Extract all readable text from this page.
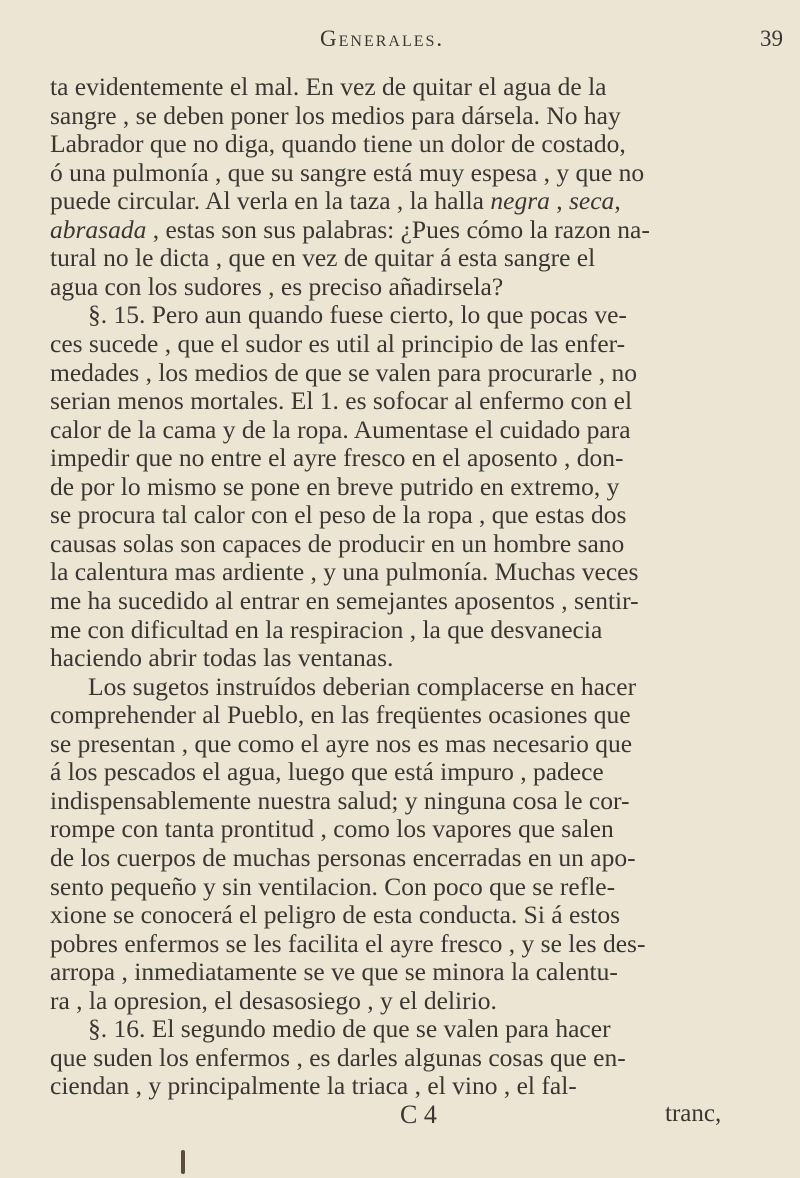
Generales.	39
ta evidentemente el mal. En vez de quitar el agua de la
sangre , se deben poner los medios para dársela. No hay
Labrador que no diga, quando tiene un dolor de costado,
ó una pulmonía , que su sangre está muy espesa , y que no
puede circular. Al verla en la taza , la halla negra , seca,
abrasada , estas son sus palabras: ¿Pues cómo la razon na-
tural no le dicta , que en vez de quitar á esta sangre el
agua con los sudores , es preciso añadirsela?
§. 15. Pero aun quando fuese cierto, lo que pocas ve-
ces sucede , que el sudor es util al principio de las enfer-
medades , los medios de que se valen para procurarle , no
serian menos mortales. El 1. es sofocar al enfermo con el
calor de la cama y de la ropa. Aumentase el cuidado para
impedir que no entre el ayre fresco en el aposento , don-
de por lo mismo se pone en breve putrido en extremo, y
se procura tal calor con el peso de la ropa , que estas dos
causas solas son capaces de producir en un hombre sano
la calentura mas ardiente , y una pulmonía. Muchas veces
me ha sucedido al entrar en semejantes aposentos , sentir-
me con dificultad en la respiracion , la que desvanecia
haciendo abrir todas las ventanas.
Los sugetos instruídos deberian complacerse en hacer
comprehender al Pueblo, en las freqüentes ocasiones que
se presentan , que como el ayre nos es mas necesario que
á los pescados el agua, luego que está impuro , padece
indispensablemente nuestra salud; y ninguna cosa le cor-
rompe con tanta prontitud , como los vapores que salen
de los cuerpos de muchas personas encerradas en un apo-
sento pequeño y sin ventilacion. Con poco que se refle-
xione se conocerá el peligro de esta conducta. Si á estos
pobres enfermos se les facilita el ayre fresco , y se les des-
arropa , inmediatamente se ve que se minora la calentu-
ra , la opresion, el desasosiego , y el delirio.
§. 16. El segundo medio de que se valen para hacer
que suden los enfermos , es darles algunas cosas que en-
ciendan , y principalmente la triaca , el vino , el fal-
C 4	tranc,
